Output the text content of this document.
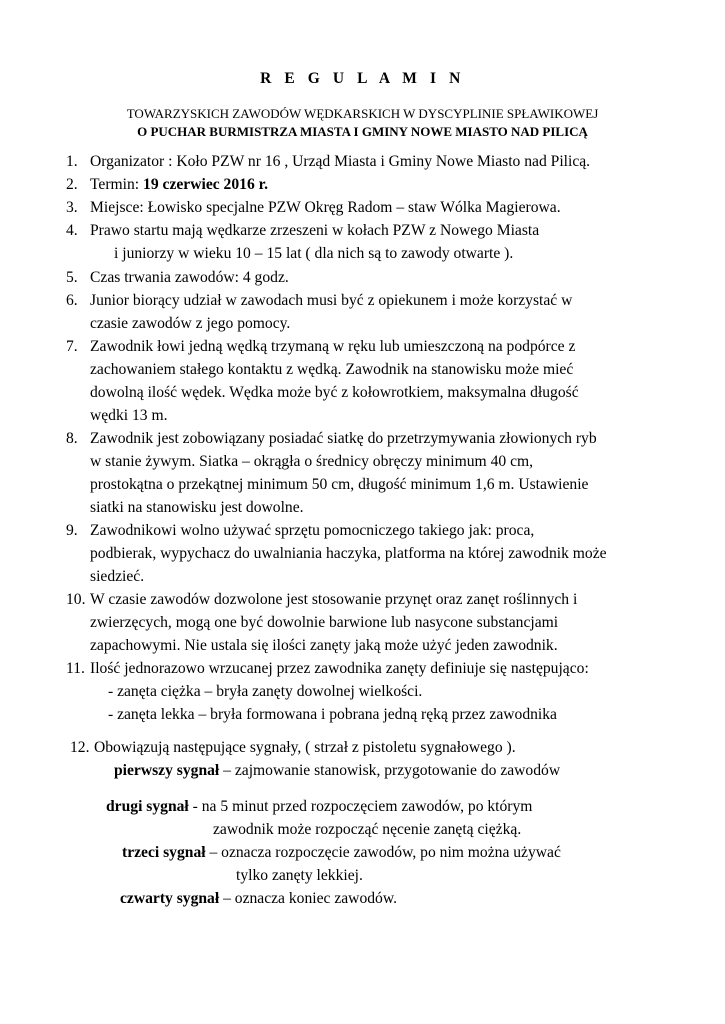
R E G U L A M I N
TOWARZYSKICH ZAWODÓW WĘDKARSKICH W DYSCYPLINIE SPŁAWIKOWEJ
O PUCHAR BURMISTRZA MIASTA I GMINY NOWE MIASTO NAD PILICĄ
1. Organizator : Koło PZW nr 16 , Urząd Miasta i Gminy Nowe Miasto nad Pilicą.
2. Termin: 19 czerwiec 2016 r.
3. Miejsce: Łowisko specjalne PZW Okręg Radom – staw Wólka Magierowa.
4. Prawo startu mają wędkarze zrzeszeni w kołach PZW z Nowego Miasta
i juniorzy w wieku 10 – 15 lat ( dla nich są to zawody otwarte ).
5. Czas trwania zawodów: 4 godz.
6. Junior biorący udział w zawodach musi być z opiekunem i może korzystać w
czasie zawodów z jego pomocy.
7. Zawodnik łowi jedną wędką trzymaną w ręku lub umieszczoną na podpórce z
zachowaniem stałego kontaktu z wędką. Zawodnik na stanowisku może mieć
dowolną ilość wędek. Wędka może być z kołowrotkiem, maksymalna długość
wędki 13 m.
8. Zawodnik jest zobowiązany posiadać siatkę do przetrzymywania złowionych ryb
w stanie żywym. Siatka – okrągła o średnicy obręczy minimum 40 cm,
prostokątna o przekątnej minimum 50 cm, długość minimum 1,6 m. Ustawienie
siatki na stanowisku jest dowolne.
9. Zawodnikowi wolno używać sprzętu pomocniczego takiego jak: proca,
podbierak, wypychacz do uwalniania haczyka, platforma na której zawodnik może
siedzieć.
10. W czasie zawodów dozwolone jest stosowanie przynęt oraz zanęt roślinnych i
zwierzęcych, mogą one być dowolnie barwione lub nasycone substancjami
zapachowymi. Nie ustala się ilości zanęty jaką może użyć jeden zawodnik.
11. Ilość jednorazowo wrzucanej przez zawodnika zanęty definiuje się następująco:
- zanęta ciężka – bryła zanęty dowolnej wielkości.
- zanęta lekka – bryła formowana i pobrana jedną ręką przez zawodnika
12. Obowiązują następujące sygnały, ( strzał z pistoletu sygnałowego ).
pierwszy sygnał – zajmowanie stanowisk, przygotowanie do zawodów
drugi sygnał - na 5 minut przed rozpoczęciem zawodów, po którym
zawodnik może rozpocząć nęcenie zanętą ciężką.
trzeci sygnał – oznacza rozpoczęcie zawodów, po nim można używać
tylko zanęty lekkiej.
czwarty sygnał – oznacza koniec zawodów.
